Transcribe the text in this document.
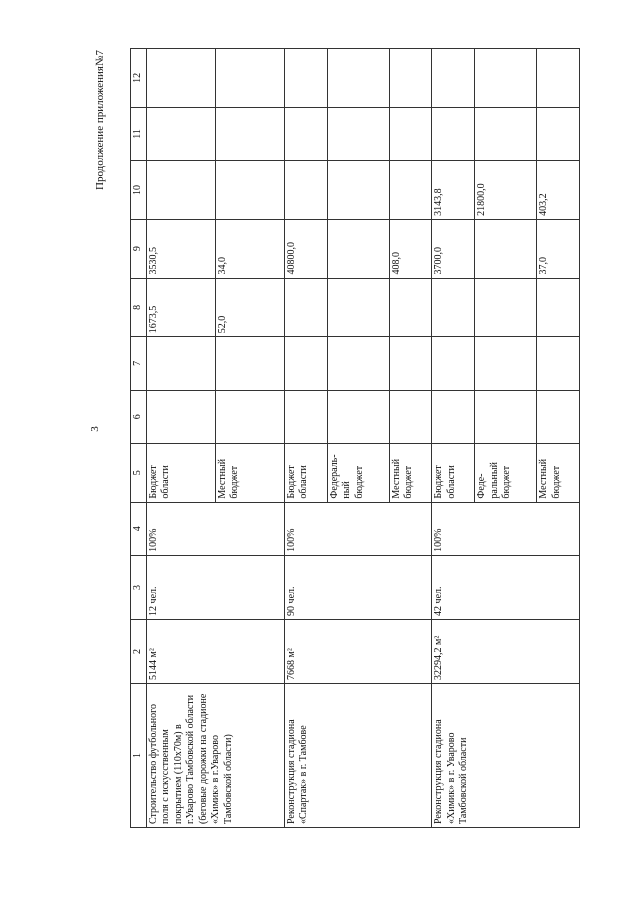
3
Продолжение приложения№7
1	2	3	4	5	6	7	8	9	10	11	12
Строительство футбольного поля с искусственным покрытием (110х70м) в г.Уварово Тамбовской области (беговые дорожки на стадионе «Химик» в г.Уварово Тамбовской области)	5144 м²	12 чел.	100%	Бюджет области			1673,5	3530,5			
				Местный бюджет			52,0	34,0			
Реконструкция стадиона «Спартак» в г. Тамбове	7668 м²	90 чел.	100%	Бюджет области				40800,0			
				Федераль-ный бюджет							
				Местный бюджет				408,0			
Реконструкция стадиона «Химик» в г. Уварово Тамбовской области	32294,2 м²	42 чел.	100%	Бюджет области				3700,0	3143,8		
				Феде-ральный бюджет					21800,0		
				Местный бюджет				37,0	403,2		
